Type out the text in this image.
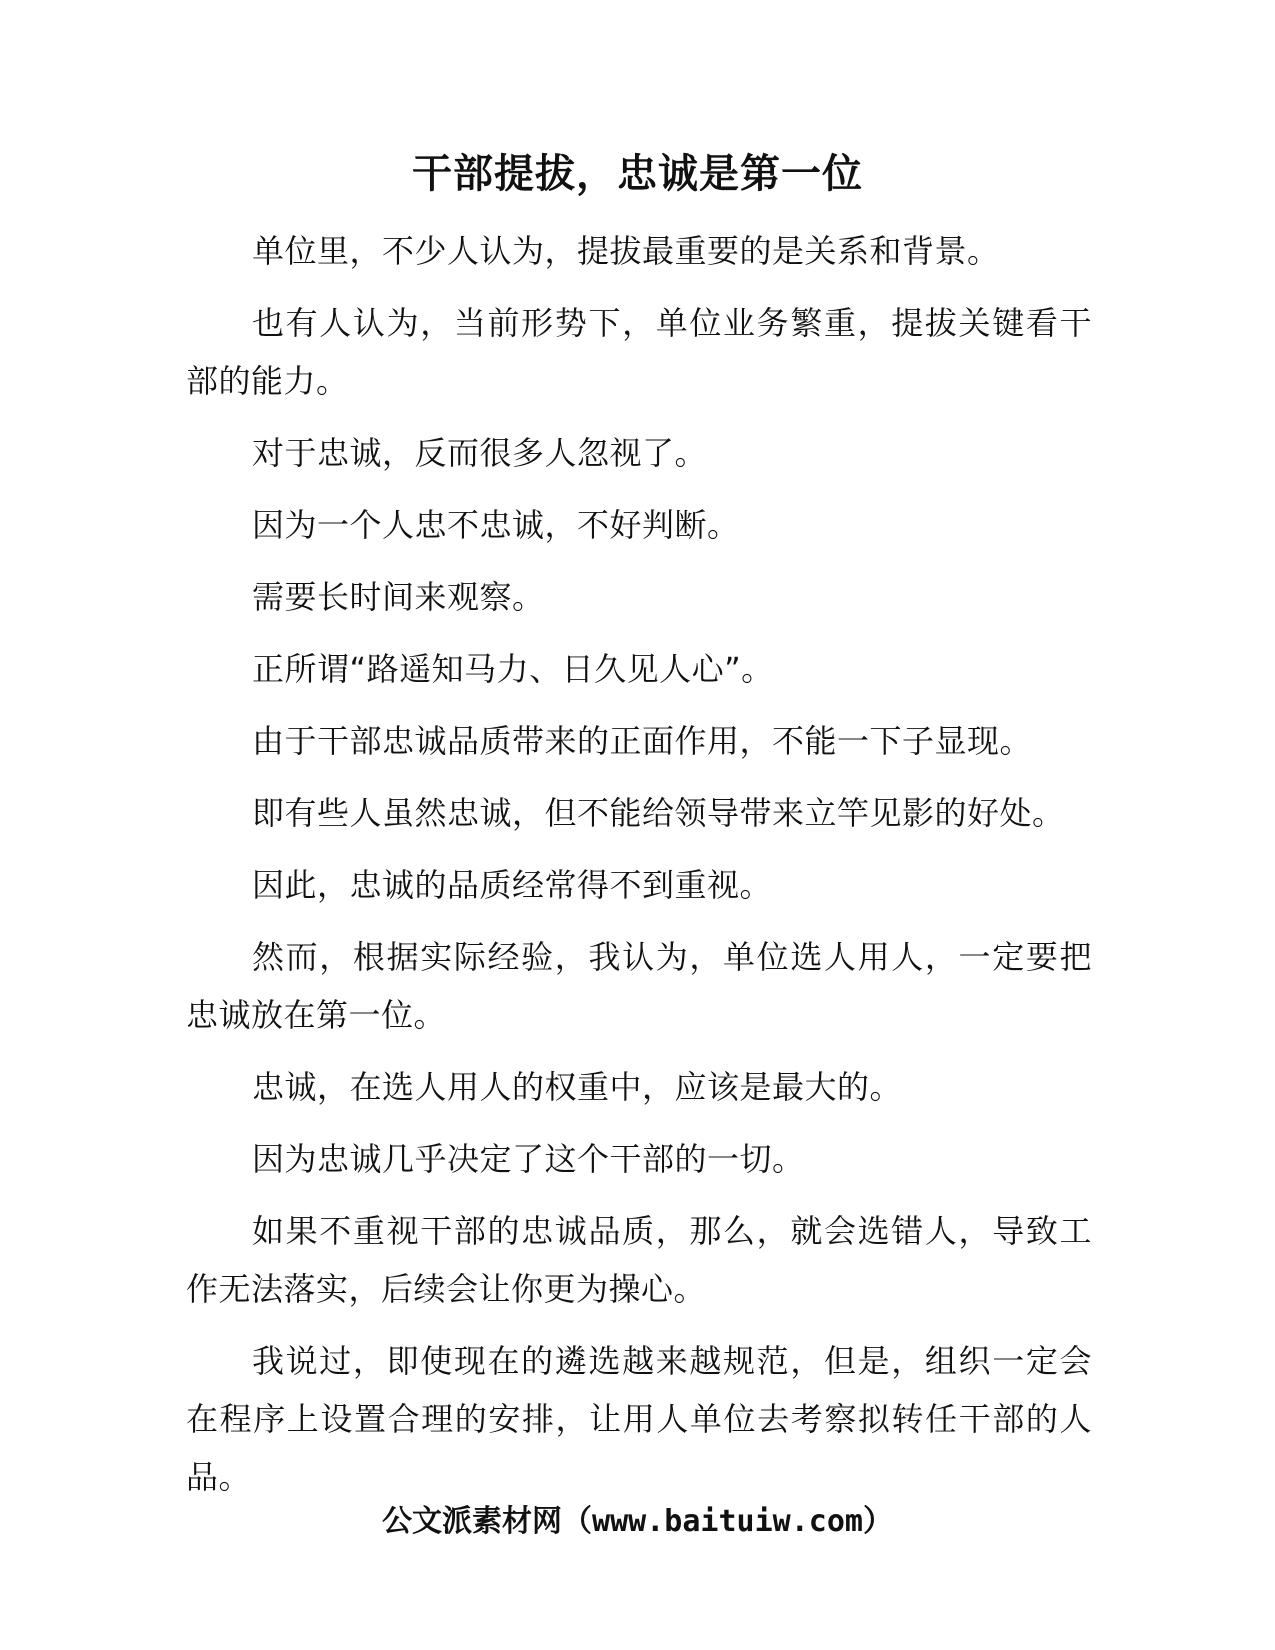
干部提拔，忠诚是第一位

单位里，不少人认为，提拔最重要的是关系和背景。

也有人认为，当前形势下，单位业务繁重，提拔关键看干部的能力。

对于忠诚，反而很多人忽视了。

因为一个人忠不忠诚，不好判断。

需要长时间来观察。

正所谓“路遥知马力、日久见人心”。

由于干部忠诚品质带来的正面作用，不能一下子显现。

即有些人虽然忠诚，但不能给领导带来立竿见影的好处。

因此，忠诚的品质经常得不到重视。

然而，根据实际经验，我认为，单位选人用人，一定要把忠诚放在第一位。

忠诚，在选人用人的权重中，应该是最大的。

因为忠诚几乎决定了这个干部的一切。

如果不重视干部的忠诚品质，那么，就会选错人，导致工作无法落实，后续会让你更为操心。

我说过，即使现在的遴选越来越规范，但是，组织一定会在程序上设置合理的安排，让用人单位去考察拟转任干部的人品。

公文派素材网（www.baituiw.com）
